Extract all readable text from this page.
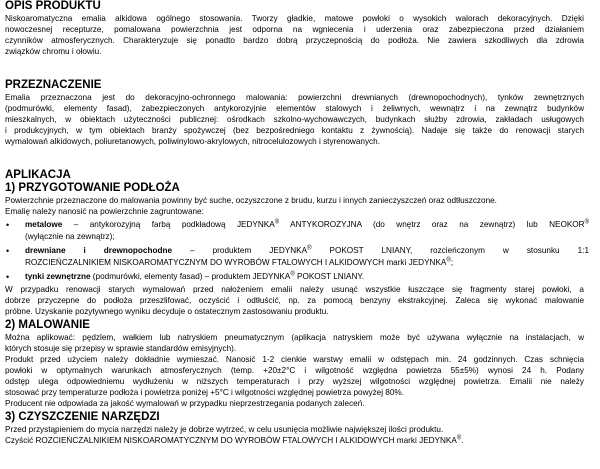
OPIS PRODUKTU
Niskoaromatyczna emalia alkidowa ogólnego stosowania. Tworzy gładkie, matowe powłoki o wysokich walorach dekoracyjnych. Dzięki
nowoczesnej recepturze, pomalowana powierzchnia jest odporna na wgniecenia i uderzenia oraz zabezpieczona przed działaniem
czynników atmosferycznych. Charakteryzuje się ponadto bardzo dobrą przyczepnością do podłoża. Nie zawiera szkodliwych dla zdrowia
związków chromu i ołowiu.
PRZEZNACZENIE
Emalia przeznaczona jest do dekoracyjno-ochronnego malowania: powierzchni drewnianych (drewnopochodnych), tynków zewnętrznych
(podmurówki, elementy fasad), zabezpieczonych antykorozyjnie elementów stalowych i żeliwnych, wewnątrz i na zewnątrz budynków
mieszkalnych, w obiektach użyteczności publicznej: ośrodkach szkolno-wychowawczych, budynkach służby zdrowia, zakładach usługowych
i produkcyjnych, w tym obiektach branży spożywczej (bez bezpośredniego kontaktu z żywnością). Nadaje się także do renowacji starych
wymalowań alkidowych, poliuretanowych, poliwinylowo-akrylowych, nitrocelulozowych i styrenowanych.
APLIKACJA
1) PRZYGOTOWANIE PODŁOŻA
Powierzchnie przeznaczone do malowania powinny być suche, oczyszczone z brudu, kurzu i innych zanieczyszczeń oraz odtłuszczone.
Emalię należy nanosić na powierzchnie zagruntowane:
• metalowe – antykorozyjną farbą podkładową JEDYNKA® ANTYKOROZYJNA (do wnętrz oraz na zewnątrz) lub NEOKOR®
(wyłącznie na zewnątrz);
• drewniane i drewnopochodne – produktem JEDYNKA® POKOST LNIANY, rozcieńczonym w stosunku 1:1
ROZCIEŃCZALNIKIEM NISKOAROMATYCZNYM DO WYROBÓW FTALOWYCH I ALKIDOWYCH marki JEDYNKA®;
• tynki zewnętrzne (podmurówki, elementy fasad) – produktem JEDYNKA® POKOST LNIANY.
W przypadku renowacji starych wymalowań przed nałożeniem emalii należy usunąć wszystkie łuszczące się fragmenty starej powłoki, a
dobrze przyczepne do podłoża przeszlifować, oczyścić i odtłuścić, np. za pomocą benzyny ekstrakcyjnej. Zaleca się wykonać malowanie
próbne. Uzyskanie pozytywnego wyniku decyduje o ostatecznym zastosowaniu produktu.
2) MALOWANIE
Można aplikować: pędzlem, wałkiem lub natryskiem pneumatycznym (aplikacja natryskiem może być używana wyłącznie na instalacjach, w
których stosuje się przepisy w sprawie standardów emisyjnych).
Produkt przed użyciem należy dokładnie wymieszać. Nanosić 1-2 cienkie warstwy emalii w odstępach min. 24 godzinnych. Czas schnięcia
powłoki w optymalnych warunkach atmosferycznych (temp. +20±2°C i wilgotność względna powietrza 55±5%) wynosi 24 h. Podany
odstęp ulega odpowiedniemu wydłużeniu w niższych temperaturach i przy wyższej wilgotności względnej powietrza. Emalii nie należy
stosować przy temperaturze podłoża i powietrza poniżej +5°C i wilgotności względnej powietrza powyżej 80%.
Producent nie odpowiada za jakość wymalowań w przypadku nieprzestrzegania podanych zaleceń.
3) CZYSZCZENIE NARZĘDZI
Przed przystąpieniem do mycia narzędzi należy je dobrze wytrzeć, w celu usunięcia możliwie największej ilości produktu.
Czyścić ROZCIEŃCZALNIKIEM NISKOAROMATYCZNYM DO WYROBÓW FTALOWYCH I ALKIDOWYCH marki JEDYNKA®.
